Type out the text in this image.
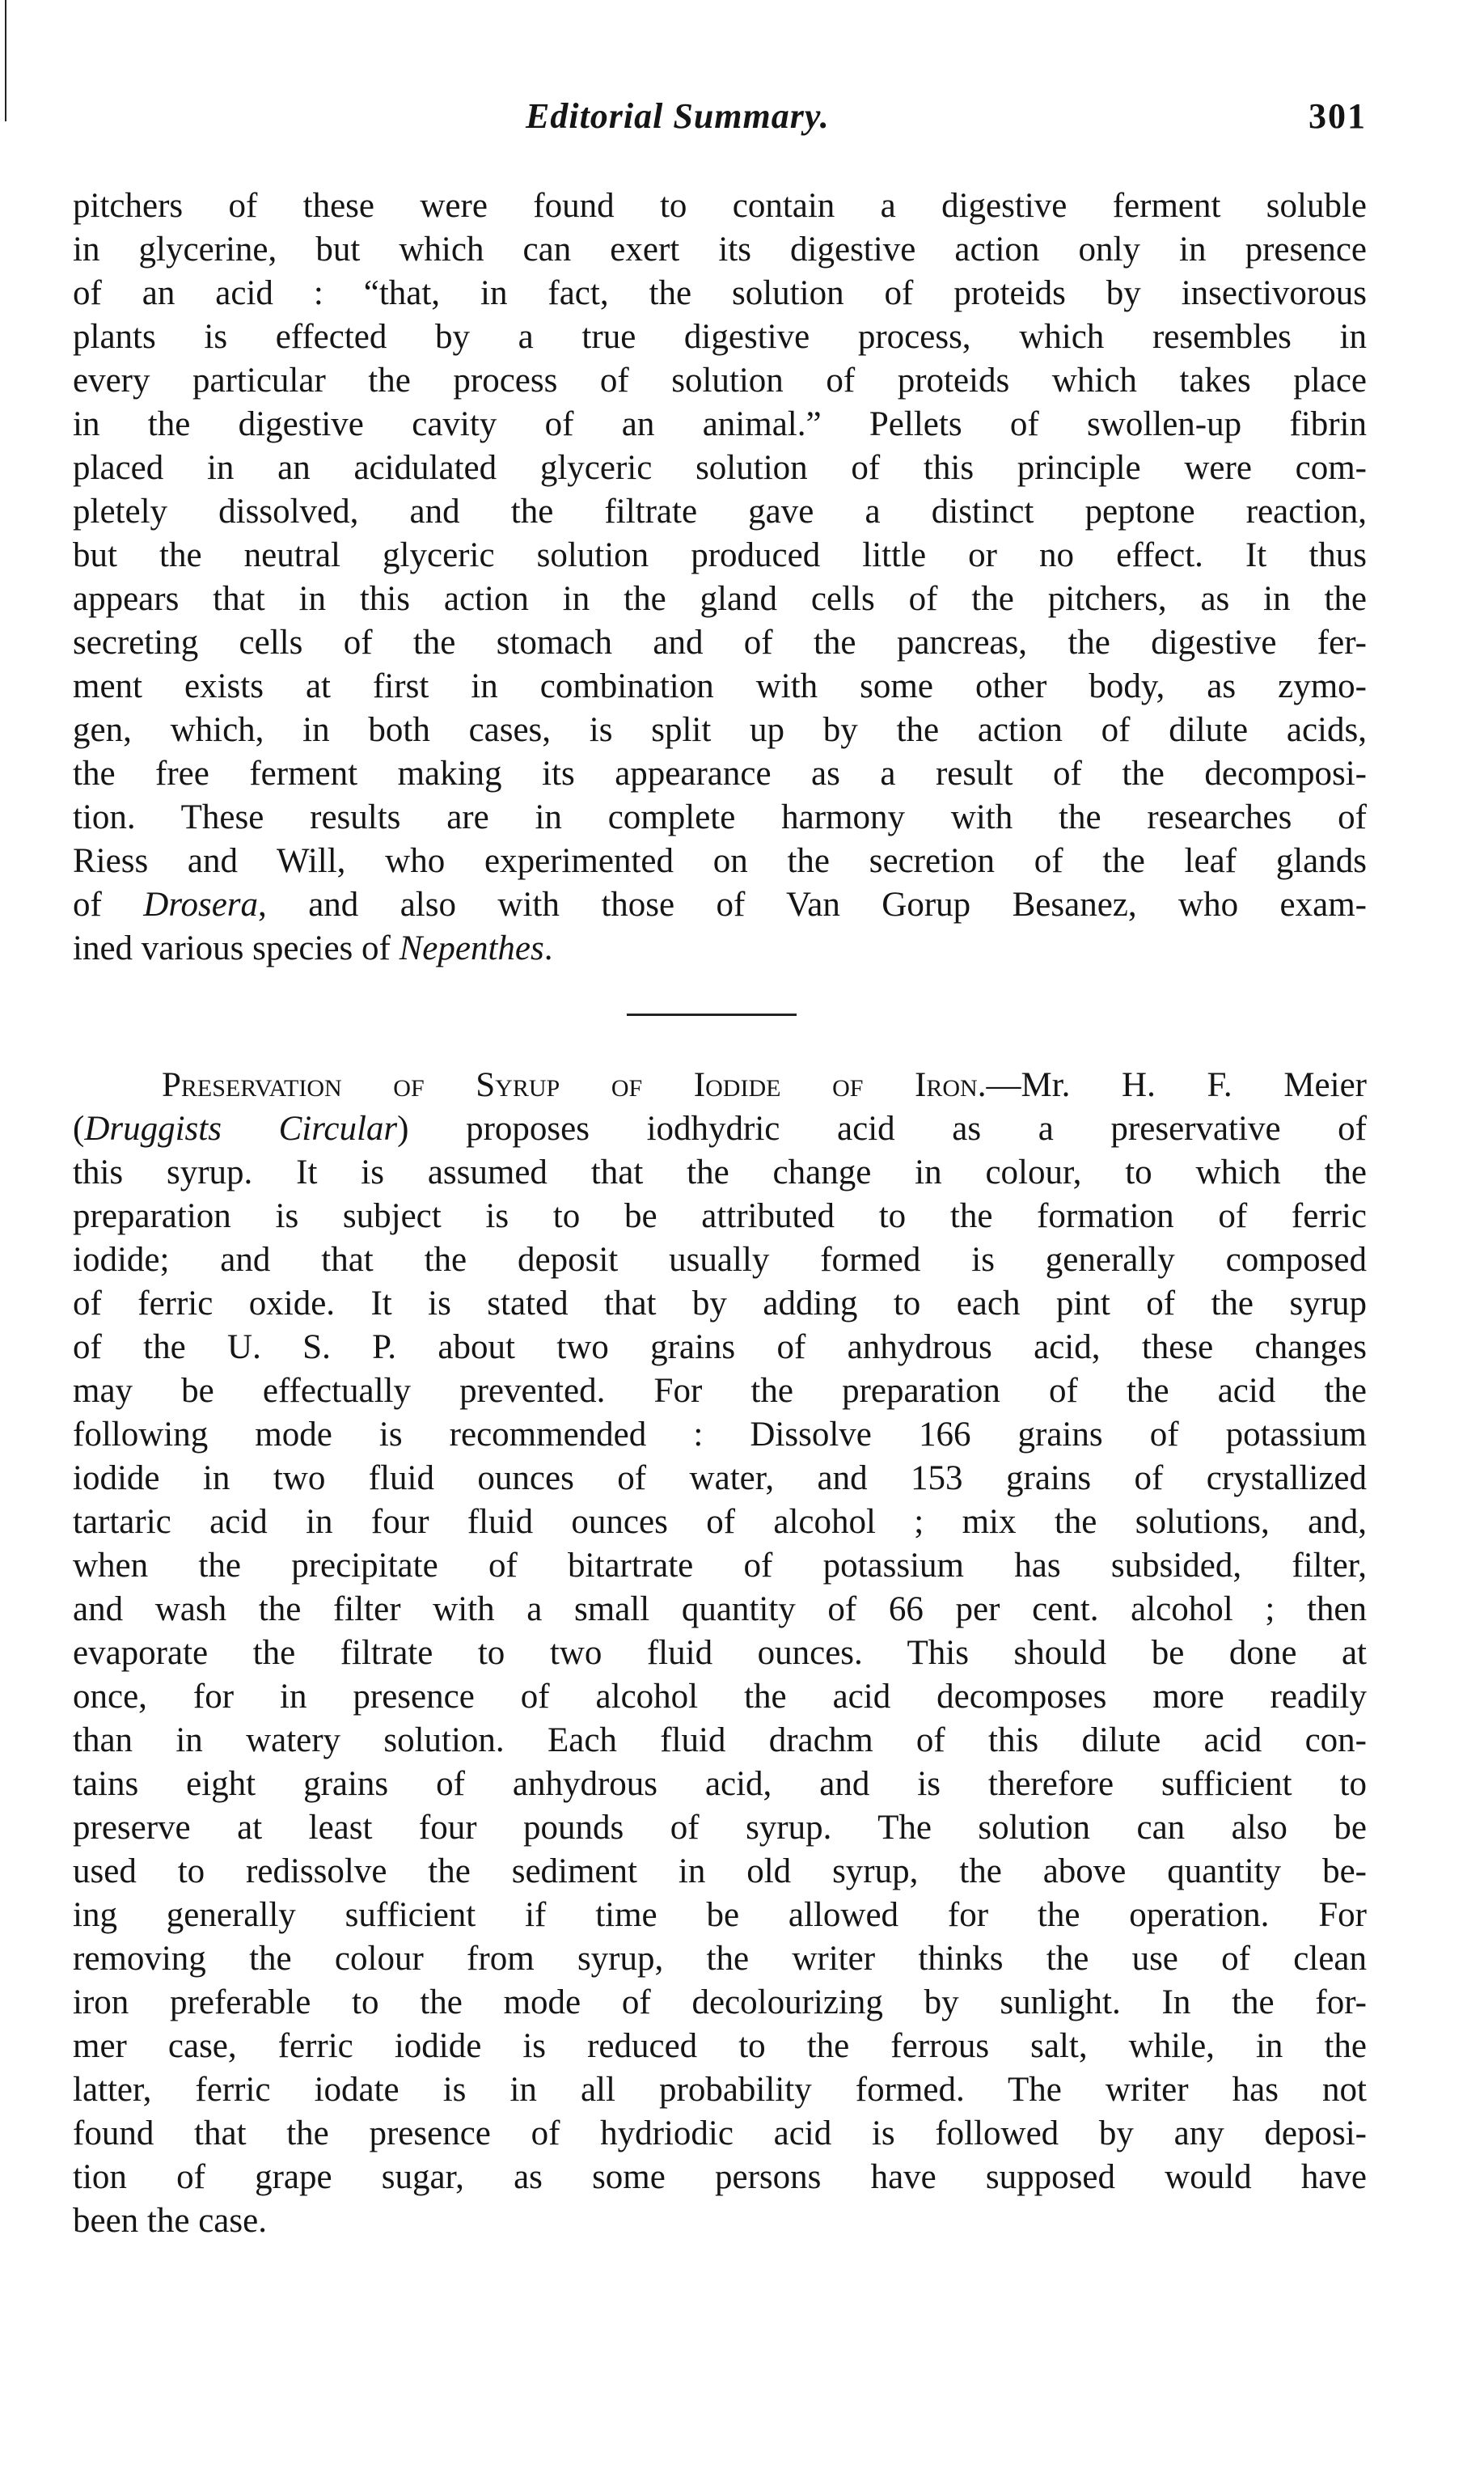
Editorial Summary.	301
pitchers of these were found to contain a digestive ferment soluble
in glycerine, but which can exert its digestive action only in presence
of an acid : “that, in fact, the solution of proteids by insectivorous
plants is effected by a true digestive process, which resembles in
every particular the process of solution of proteids which takes place
in the digestive cavity of an animal.” Pellets of swollen-up fibrin
placed in an acidulated glyceric solution of this principle were com-
pletely dissolved, and the filtrate gave a distinct peptone reaction,
but the neutral glyceric solution produced little or no effect. It thus
appears that in this action in the gland cells of the pitchers, as in the
secreting cells of the stomach and of the pancreas, the digestive fer-
ment exists at first in combination with some other body, as zymo-
gen, which, in both cases, is split up by the action of dilute acids,
the free ferment making its appearance as a result of the decomposi-
tion. These results are in complete harmony with the researches of
Riess and Will, who experimented on the secretion of the leaf glands
of Drosera, and also with those of Van Gorup Besanez, who exam-
ined various species of Nepenthes.
Preservation of Syrup of Iodide of Iron.—Mr. H. F. Meier
(Druggists Circular) proposes iodhydric acid as a preservative of
this syrup. It is assumed that the change in colour, to which the
preparation is subject is to be attributed to the formation of ferric
iodide; and that the deposit usually formed is generally composed
of ferric oxide. It is stated that by adding to each pint of the syrup
of the U. S. P. about two grains of anhydrous acid, these changes
may be effectually prevented. For the preparation of the acid the
following mode is recommended : Dissolve 166 grains of potassium
iodide in two fluid ounces of water, and 153 grains of crystallized
tartaric acid in four fluid ounces of alcohol ; mix the solutions, and,
when the precipitate of bitartrate of potassium has subsided, filter,
and wash the filter with a small quantity of 66 per cent. alcohol ; then
evaporate the filtrate to two fluid ounces. This should be done at
once, for in presence of alcohol the acid decomposes more readily
than in watery solution. Each fluid drachm of this dilute acid con-
tains eight grains of anhydrous acid, and is therefore sufficient to
preserve at least four pounds of syrup. The solution can also be
used to redissolve the sediment in old syrup, the above quantity be-
ing generally sufficient if time be allowed for the operation. For
removing the colour from syrup, the writer thinks the use of clean
iron preferable to the mode of decolourizing by sunlight. In the for-
mer case, ferric iodide is reduced to the ferrous salt, while, in the
latter, ferric iodate is in all probability formed. The writer has not
found that the presence of hydriodic acid is followed by any deposi-
tion of grape sugar, as some persons have supposed would have
been the case.
